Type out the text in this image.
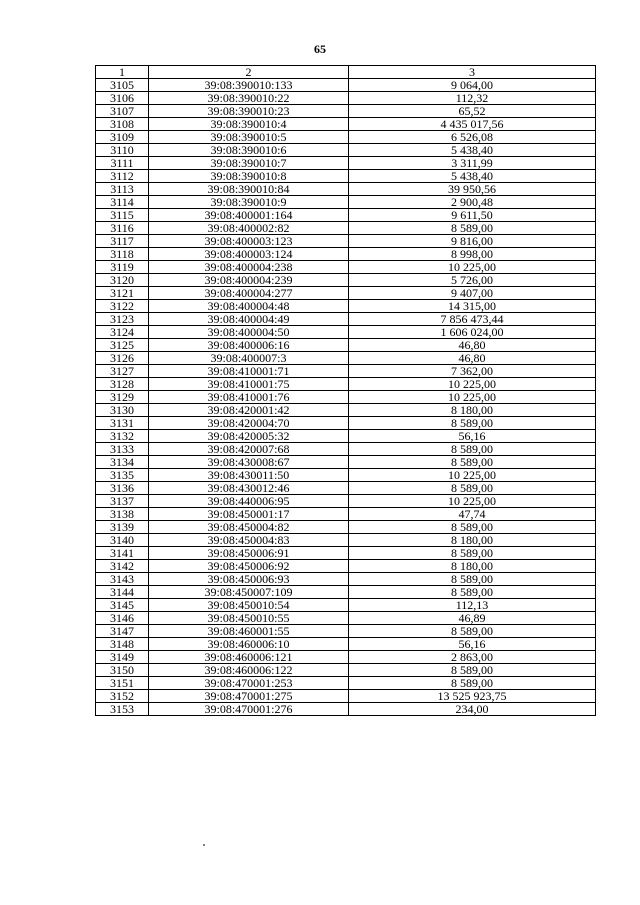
65
1	2	3
3105	39:08:390010:133	9 064,00
3106	39:08:390010:22	112,32
3107	39:08:390010:23	65,52
3108	39:08:390010:4	4 435 017,56
3109	39:08:390010:5	6 526,08
3110	39:08:390010:6	5 438,40
3111	39:08:390010:7	3 311,99
3112	39:08:390010:8	5 438,40
3113	39:08:390010:84	39 950,56
3114	39:08:390010:9	2 900,48
3115	39:08:400001:164	9 611,50
3116	39:08:400002:82	8 589,00
3117	39:08:400003:123	9 816,00
3118	39:08:400003:124	8 998,00
3119	39:08:400004:238	10 225,00
3120	39:08:400004:239	5 726,00
3121	39:08:400004:277	9 407,00
3122	39:08:400004:48	14 315,00
3123	39:08:400004:49	7 856 473,44
3124	39:08:400004:50	1 606 024,00
3125	39:08:400006:16	46,80
3126	39:08:400007:3	46,80
3127	39:08:410001:71	7 362,00
3128	39:08:410001:75	10 225,00
3129	39:08:410001:76	10 225,00
3130	39:08:420001:42	8 180,00
3131	39:08:420004:70	8 589,00
3132	39:08:420005:32	56,16
3133	39:08:420007:68	8 589,00
3134	39:08:430008:67	8 589,00
3135	39:08:430011:50	10 225,00
3136	39:08:430012:46	8 589,00
3137	39:08:440006:95	10 225,00
3138	39:08:450001:17	47,74
3139	39:08:450004:82	8 589,00
3140	39:08:450004:83	8 180,00
3141	39:08:450006:91	8 589,00
3142	39:08:450006:92	8 180,00
3143	39:08:450006:93	8 589,00
3144	39:08:450007:109	8 589,00
3145	39:08:450010:54	112,13
3146	39:08:450010:55	46,89
3147	39:08:460001:55	8 589,00
3148	39:08:460006:10	56,16
3149	39:08:460006:121	2 863,00
3150	39:08:460006:122	8 589,00
3151	39:08:470001:253	8 589,00
3152	39:08:470001:275	13 525 923,75
3153	39:08:470001:276	234,00
